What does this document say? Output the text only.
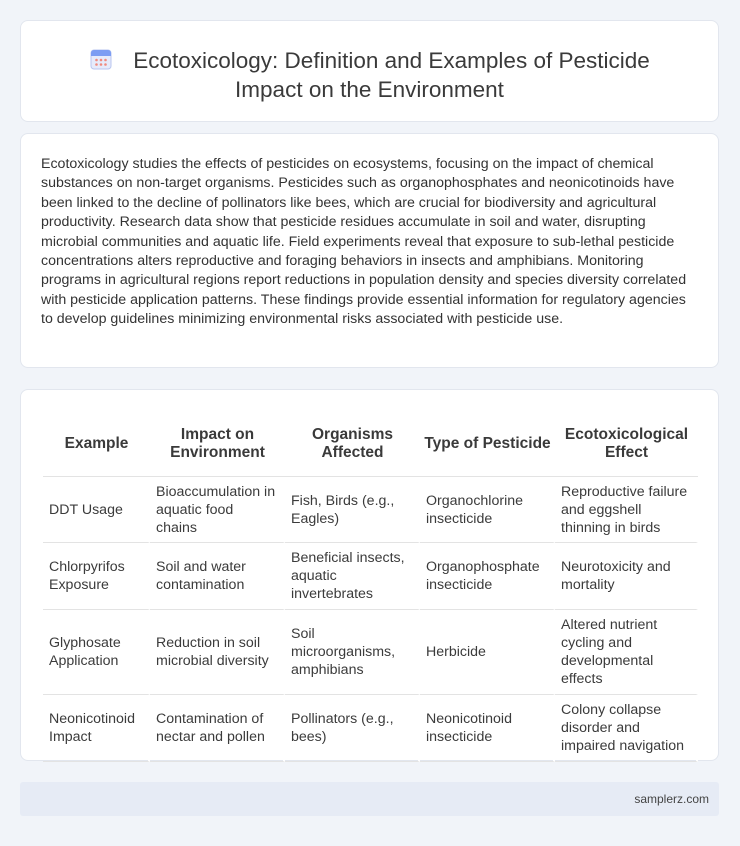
Ecotoxicology: Definition and Examples of Pesticide
Impact on the Environment

Ecotoxicology studies the effects of pesticides on ecosystems, focusing on the impact of chemical substances on non-target organisms. Pesticides such as organophosphates and neonicotinoids have been linked to the decline of pollinators like bees, which are crucial for biodiversity and agricultural productivity. Research data show that pesticide residues accumulate in soil and water, disrupting microbial communities and aquatic life. Field experiments reveal that exposure to sub-lethal pesticide concentrations alters reproductive and foraging behaviors in insects and amphibians. Monitoring programs in agricultural regions report reductions in population density and species diversity correlated with pesticide application patterns. These findings provide essential information for regulatory agencies to develop guidelines minimizing environmental risks associated with pesticide use.

Example	Impact on Environment	Organisms Affected	Type of Pesticide	Ecotoxicological Effect
DDT Usage	Bioaccumulation in aquatic food chains	Fish, Birds (e.g., Eagles)	Organochlorine insecticide	Reproductive failure and eggshell thinning in birds
Chlorpyrifos Exposure	Soil and water contamination	Beneficial insects, aquatic invertebrates	Organophosphate insecticide	Neurotoxicity and mortality
Glyphosate Application	Reduction in soil microbial diversity	Soil microorganisms, amphibians	Herbicide	Altered nutrient cycling and developmental effects
Neonicotinoid Impact	Contamination of nectar and pollen	Pollinators (e.g., bees)	Neonicotinoid insecticide	Colony collapse disorder and impaired navigation
samplerz.com
